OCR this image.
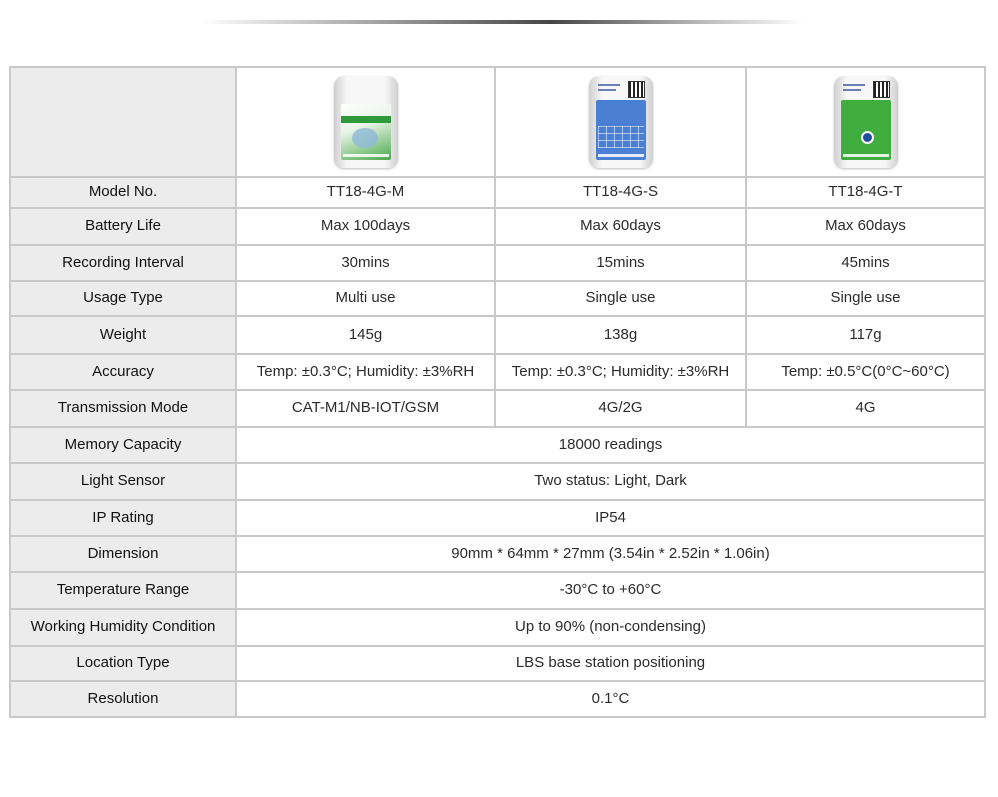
Model No.	TT18-4G-M	TT18-4G-S	TT18-4G-T
Battery Life	Max 100days	Max 60days	Max 60days
Recording Interval	30mins	15mins	45mins
Usage Type	Multi use	Single use	Single use
Weight	145g	138g	117g
Accuracy	Temp: ±0.3°C; Humidity: ±3%RH	Temp: ±0.3°C; Humidity: ±3%RH	Temp: ±0.5°C(0°C~60°C)
Transmission Mode	CAT-M1/NB-IOT/GSM	4G/2G	4G
Memory Capacity	18000 readings		
Light Sensor	Two status: Light, Dark		
IP Rating	IP54		
Dimension	90mm * 64mm * 27mm (3.54in * 2.52in * 1.06in)		
Temperature Range	-30°C to +60°C		
Working Humidity Condition	Up to 90% (non-condensing)		
Location Type	LBS base station positioning		
Resolution	0.1°C		
